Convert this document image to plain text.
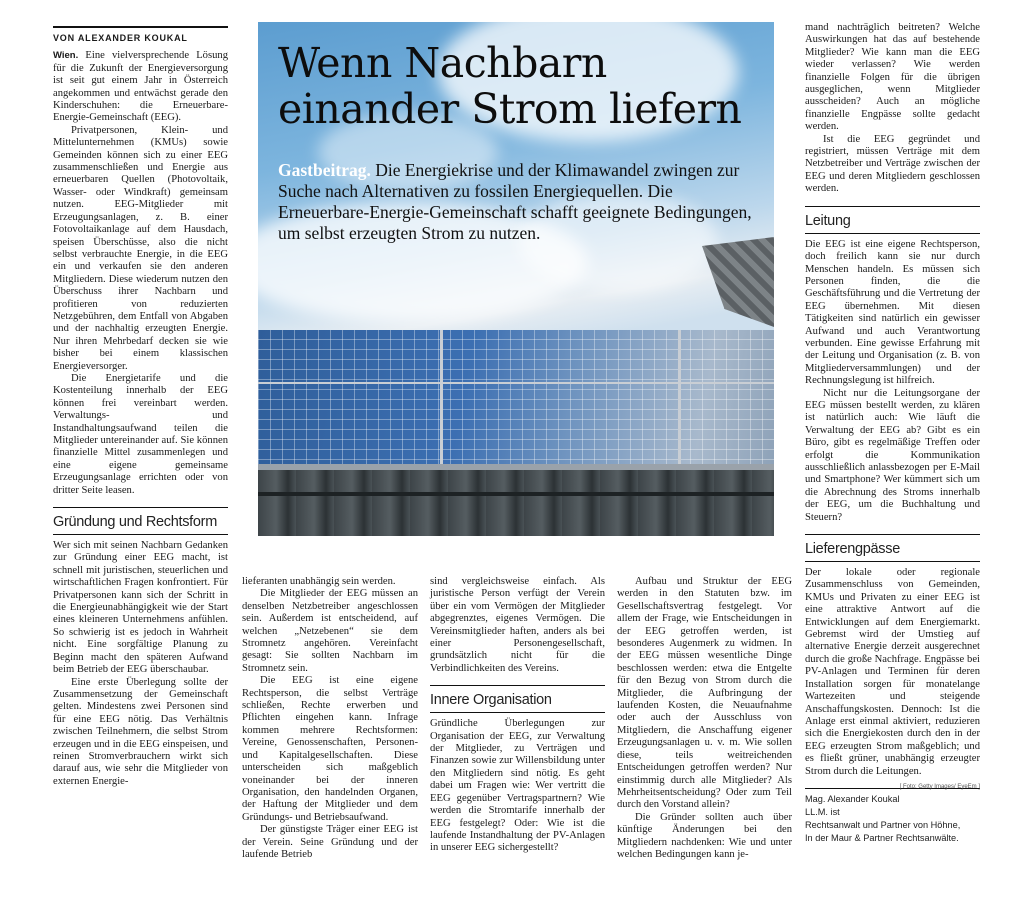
VON ALEXANDER KOUKAL

Wien. Eine vielversprechende Lösung für die Zukunft der Energieversorgung ist seit gut einem Jahr in Österreich angekommen und entwächst gerade den Kinderschuhen: die Erneuerbare-Energie-Gemeinschaft (EEG).

Privatpersonen, Klein- und Mittelunternehmen (KMUs) sowie Gemeinden können sich zu einer EEG zusammenschließen und Energie aus erneuerbaren Quellen (Photovoltaik, Wasser- oder Windkraft) gemeinsam nutzen. EEG-Mitglieder mit Erzeugungsanlagen, z. B. einer Fotovoltaikanlage auf dem Hausdach, speisen Überschüsse, also die nicht selbst verbrauchte Energie, in die EEG ein und verkaufen sie den anderen Mitgliedern. Diese wiederum nutzen den Überschuss ihrer Nachbarn und profitieren von reduzierten Netzgebühren, dem Entfall von Abgaben und der nachhaltig erzeugten Energie. Nur ihren Mehrbedarf decken sie wie bisher bei einem klassischen Energieversorger.

Die Energietarife und die Kostenteilung innerhalb der EEG können frei vereinbart werden. Verwaltungs- und Instandhaltungsaufwand teilen die Mitglieder untereinander auf. Sie können finanzielle Mittel zusammenlegen und eine eigene gemeinsame Erzeugungsanlage errichten oder von dritter Seite leasen.

Gründung und Rechtsform

Wer sich mit seinen Nachbarn Gedanken zur Gründung einer EEG macht, ist schnell mit juristischen, steuerlichen und wirtschaftlichen Fragen konfrontiert. Für Privatpersonen kann sich der Schritt in die Energieunabhängigkeit wie der Start eines kleineren Unternehmens anfühlen. So schwierig ist es jedoch in Wahrheit nicht. Eine sorgfältige Planung zu Beginn macht den späteren Aufwand beim Betrieb der EEG überschaubar.

Eine erste Überlegung sollte der Zusammensetzung der Gemeinschaft gelten. Mindestens zwei Personen sind für eine EEG nötig. Das Verhältnis zwischen Teilnehmern, die selbst Strom erzeugen und in die EEG einspeisen, und reinen Stromverbrauchern wirkt sich darauf aus, wie sehr die Mitglieder von externen Energie-

Wenn Nachbarn
einander Strom liefern

Gastbeitrag. Die Energiekrise und der Klimawandel zwingen zur Suche nach Alternativen zu fossilen Energiequellen. Die Erneuerbare-Energie-Gemeinschaft schafft geeignete Bedingungen, um selbst erzeugten Strom zu nutzen.

lieferanten unabhängig sein werden.

Die Mitglieder der EEG müssen an denselben Netzbetreiber angeschlossen sein. Außerdem ist entscheidend, auf welchen „Netzebenen“ sie dem Stromnetz angehören. Vereinfacht gesagt: Sie sollten Nachbarn im Stromnetz sein.

Die EEG ist eine eigene Rechtsperson, die selbst Verträge schließen, Rechte erwerben und Pflichten eingehen kann. Infrage kommen mehrere Rechtsformen: Vereine, Genossenschaften, Personen- und Kapitalgesellschaften. Diese unterscheiden sich maßgeblich voneinander bei der inneren Organisation, den handelnden Organen, der Haftung der Mitglieder und dem Gründungs- und Betriebsaufwand.

Der günstigste Träger einer EEG ist der Verein. Seine Gründung und der laufende Betrieb

sind vergleichsweise einfach. Als juristische Person verfügt der Verein über ein vom Vermögen der Mitglieder abgegrenztes, eigenes Vermögen. Die Vereinsmitglieder haften, anders als bei einer Personengesellschaft, grundsätzlich nicht für die Verbindlichkeiten des Vereins.

Innere Organisation

Gründliche Überlegungen zur Organisation der EEG, zur Verwaltung der Mitglieder, zu Verträgen und Finanzen sowie zur Willensbildung unter den Mitgliedern sind nötig. Es geht dabei um Fragen wie: Wer vertritt die EEG gegenüber Vertragspartnern? Wie werden die Stromtarife innerhalb der EEG festgelegt? Oder: Wie ist die laufende Instandhaltung der PV-Anlagen in unserer EEG sichergestellt?

Aufbau und Struktur der EEG werden in den Statuten bzw. im Gesellschaftsvertrag festgelegt. Vor allem der Frage, wie Entscheidungen in der EEG getroffen werden, ist besonderes Augenmerk zu widmen. In der EEG müssen wesentliche Dinge beschlossen werden: etwa die Entgelte für den Bezug von Strom durch die Mitglieder, die Aufbringung der laufenden Kosten, die Neuaufnahme oder auch der Ausschluss von Mitgliedern, die Anschaffung eigener Erzeugungsanlagen u. v. m. Wie sollen diese, teils weitreichenden Entscheidungen getroffen werden? Nur einstimmig durch alle Mitglieder? Als Mehrheitsentscheidung? Oder zum Teil durch den Vorstand allein?

Die Gründer sollten auch über künftige Änderungen bei den Mitgliedern nachdenken: Wie und unter welchen Bedingungen kann je-

mand nachträglich beitreten? Welche Auswirkungen hat das auf bestehende Mitglieder? Wie kann man die EEG wieder verlassen? Wie werden finanzielle Folgen für die übrigen ausgeglichen, wenn Mitglieder ausscheiden? Auch an mögliche finanzielle Engpässe sollte gedacht werden.

Ist die EEG gegründet und registriert, müssen Verträge mit dem Netzbetreiber und Verträge zwischen der EEG und deren Mitgliedern geschlossen werden.

Leitung

Die EEG ist eine eigene Rechtsperson, doch freilich kann sie nur durch Menschen handeln. Es müssen sich Personen finden, die die Geschäftsführung und die Vertretung der EEG übernehmen. Mit diesen Tätigkeiten sind natürlich ein gewisser Aufwand und auch Verantwortung verbunden. Eine gewisse Erfahrung mit der Leitung und Organisation (z. B. von Mitgliederversammlungen) und der Rechnungslegung ist hilfreich.

Nicht nur die Leitungsorgane der EEG müssen bestellt werden, zu klären ist natürlich auch: Wie läuft die Verwaltung der EEG ab? Gibt es ein Büro, gibt es regelmäßige Treffen oder erfolgt die Kommunikation ausschließlich anlassbezogen per E-Mail und Smartphone? Wer kümmert sich um die Abrechnung des Stroms innerhalb der EEG, um die Buchhaltung und Steuern?

Lieferengpässe

Der lokale oder regionale Zusammenschluss von Gemeinden, KMUs und Privaten zu einer EEG ist eine attraktive Antwort auf die Entwicklungen auf dem Energiemarkt. Gebremst wird der Umstieg auf alternative Energie derzeit ausgerechnet durch die große Nachfrage. Engpässe bei PV-Anlagen und Terminen für deren Installation sorgen für monatelange Wartezeiten und steigende Anschaffungskosten. Dennoch: Ist die Anlage erst einmal aktiviert, reduzieren sich die Energiekosten durch den in der EEG erzeugten Strom maßgeblich; und es fließt grüner, unabhängig erzeugter Strom durch die Leitungen.
[ Foto: Getty Images/ EyeEm ]

Mag. Alexander Koukal LL.M. ist
Rechtsanwalt und Partner von Höhne,
In der Maur & Partner Rechtsanwälte.
